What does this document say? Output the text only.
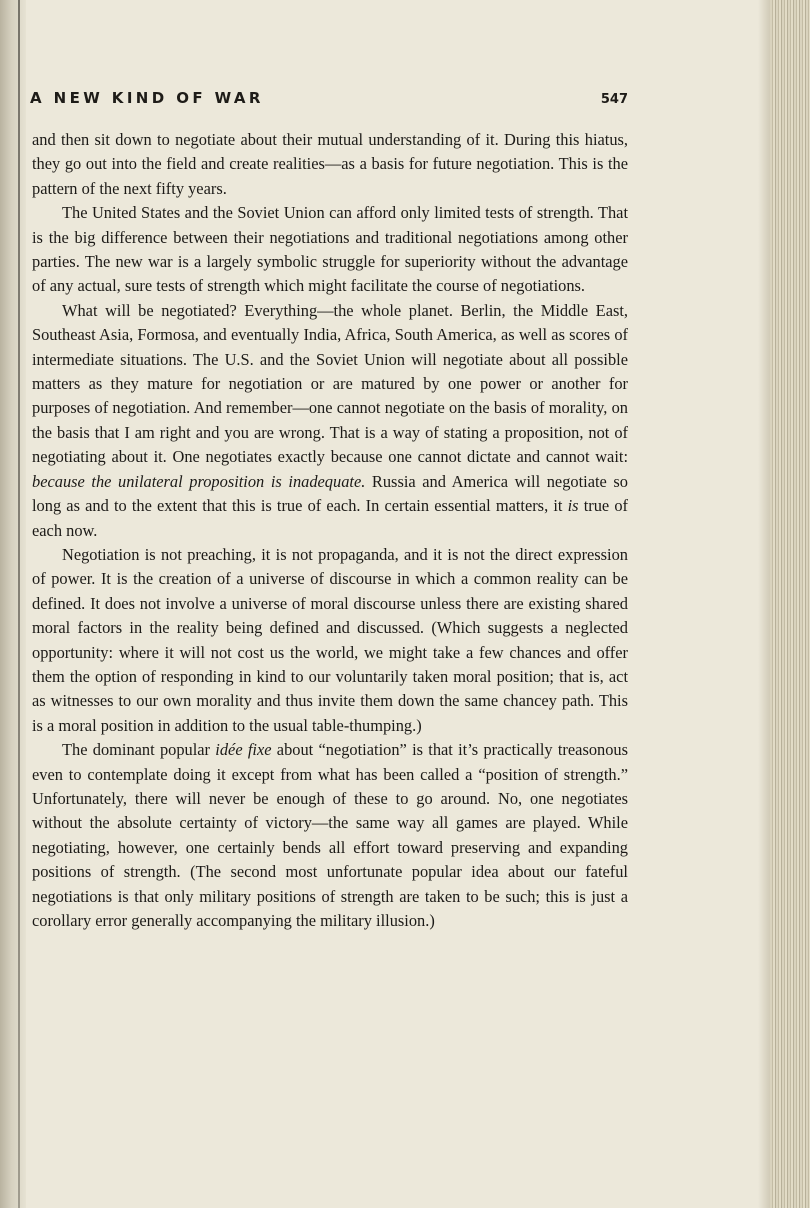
A NEW KIND OF WAR	547

and then sit down to negotiate about their mutual understanding of it. During this hiatus, they go out into the field and create realities—as a basis for future negotiation. This is the pattern of the next fifty years.

The United States and the Soviet Union can afford only limited tests of strength. That is the big difference between their negotiations and traditional negotiations among other parties. The new war is a largely symbolic struggle for superiority without the advantage of any actual, sure tests of strength which might facilitate the course of negotiations.

What will be negotiated? Everything—the whole planet. Berlin, the Middle East, Southeast Asia, Formosa, and eventually India, Africa, South America, as well as scores of intermediate situations. The U.S. and the Soviet Union will negotiate about all possible matters as they mature for negotiation or are matured by one power or another for purposes of negotiation. And remember—one cannot negotiate on the basis of morality, on the basis that I am right and you are wrong. That is a way of stating a proposition, not of negotiating about it. One negotiates exactly because one cannot dictate and cannot wait: because the unilateral proposition is inadequate. Russia and America will negotiate so long as and to the extent that this is true of each. In certain essential matters, it is true of each now.

Negotiation is not preaching, it is not propaganda, and it is not the direct expression of power. It is the creation of a universe of discourse in which a common reality can be defined. It does not involve a universe of moral discourse unless there are existing shared moral factors in the reality being defined and discussed. (Which suggests a neglected opportunity: where it will not cost us the world, we might take a few chances and offer them the option of responding in kind to our voluntarily taken moral position; that is, act as witnesses to our own morality and thus invite them down the same chancey path. This is a moral position in addition to the usual table-thumping.)

The dominant popular idée fixe about “negotiation” is that it’s practically treasonous even to contemplate doing it except from what has been called a “position of strength.” Unfortunately, there will never be enough of these to go around. No, one negotiates without the absolute certainty of victory—the same way all games are played. While negotiating, however, one certainly bends all effort toward preserving and expanding positions of strength. (The second most unfortunate popular idea about our fateful negotiations is that only military positions of strength are taken to be such; this is just a corollary error generally accompanying the military illusion.)
